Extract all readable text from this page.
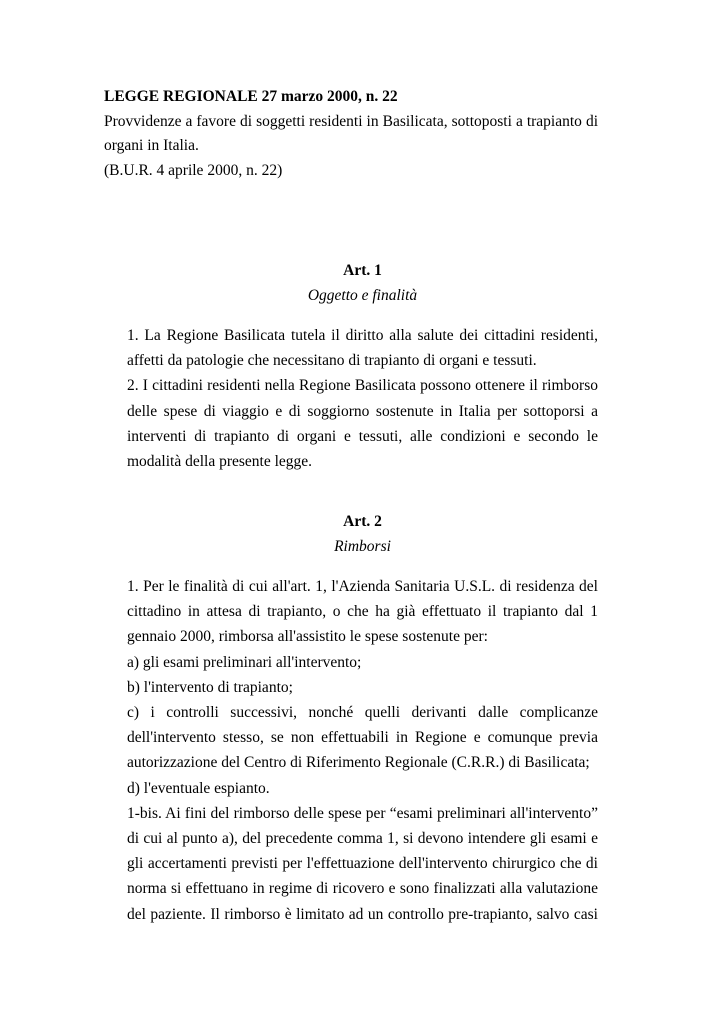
LEGGE REGIONALE 27 marzo 2000, n. 22

Provvidenze a favore di soggetti residenti in Basilicata, sottoposti a trapianto di organi in Italia.

(B.U.R. 4 aprile 2000, n. 22)

Art. 1

Oggetto e finalità

1. La Regione Basilicata tutela il diritto alla salute dei cittadini residenti, affetti da patologie che necessitano di trapianto di organi e tessuti.

2. I cittadini residenti nella Regione Basilicata possono ottenere il rimborso delle spese di viaggio e di soggiorno sostenute in Italia per sottoporsi a interventi di trapianto di organi e tessuti, alle condizioni e secondo le modalità della presente legge.

Art. 2

Rimborsi

1. Per le finalità di cui all'art. 1, l'Azienda Sanitaria U.S.L. di residenza del cittadino in attesa di trapianto, o che ha già effettuato il trapianto dal 1 gennaio 2000, rimborsa all'assistito le spese sostenute per:

a) gli esami preliminari all'intervento;

b) l'intervento di trapianto;

c) i controlli successivi, nonché quelli derivanti dalle complicanze dell'intervento stesso, se non effettuabili in Regione e comunque previa autorizzazione del Centro di Riferimento Regionale (C.R.R.) di Basilicata;

d) l'eventuale espianto.

1-bis. Ai fini del rimborso delle spese per “esami preliminari all'intervento” di cui al punto a), del precedente comma 1, si devono intendere gli esami e gli accertamenti previsti per l'effettuazione dell'intervento chirurgico che di norma si effettuano in regime di ricovero e sono finalizzati alla valutazione del paziente. Il rimborso è limitato ad un controllo pre-trapianto, salvo casi
